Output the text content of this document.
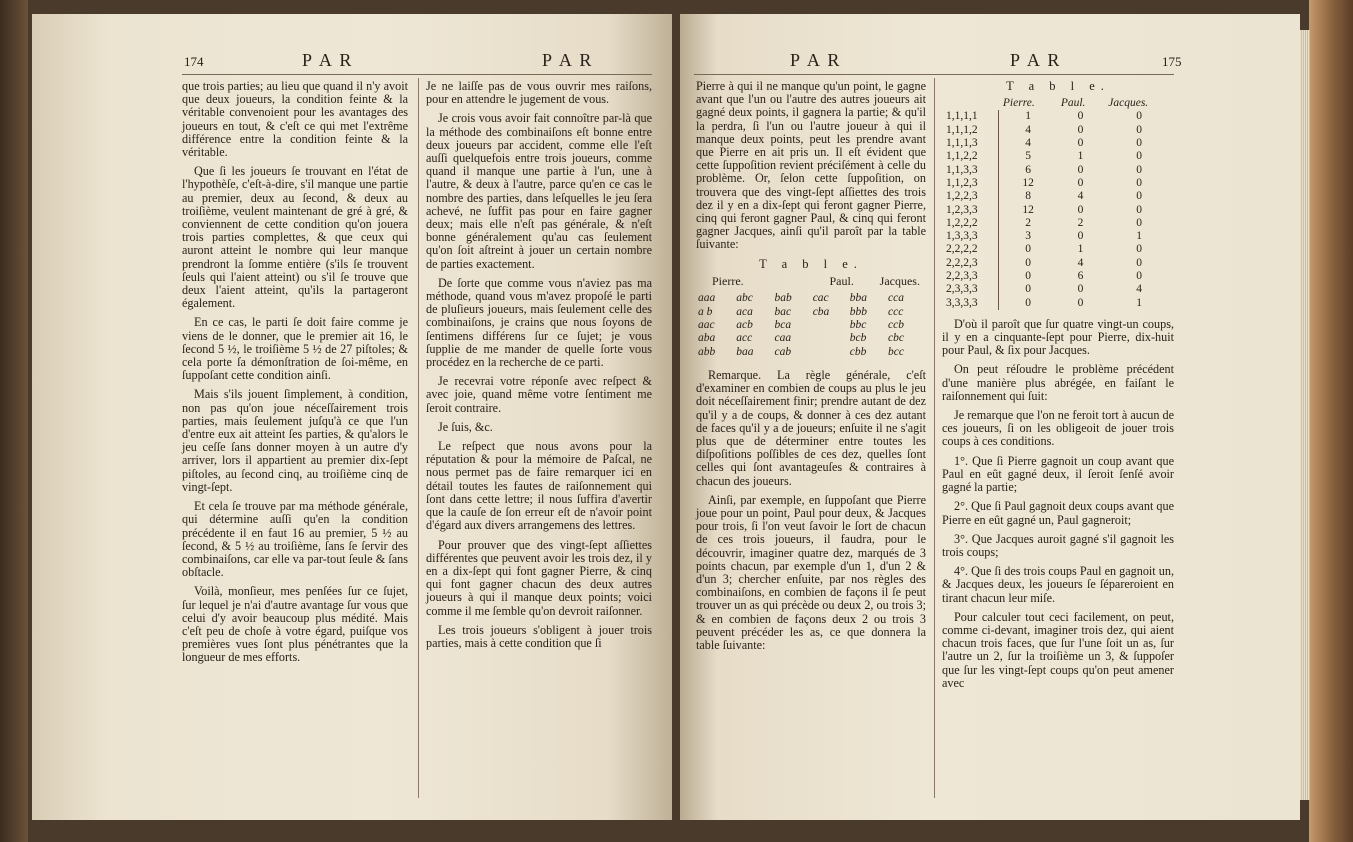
174	P A R	P A R

que trois parties; au lieu que quand il n'y avoit que deux joueurs, la condition feinte & la véritable convenoient pour les avantages des joueurs en tout, & c'eſt ce qui met l'extrême différence entre la condition feinte & la véritable.

Que ſi les joueurs ſe trouvant en l'état de l'hypothèſe, c'eſt-à-dire, s'il manque une partie au premier, deux au ſecond, & deux au troiſième, veulent maintenant de gré à gré, & conviennent de cette condition qu'on jouera trois parties complettes, & que ceux qui auront atteint le nombre qui leur manque prendront la ſomme entière (s'ils ſe trouvent ſeuls qui l'aient atteint) ou s'il ſe trouve que deux l'aient atteint, qu'ils la partageront également.

En ce cas, le parti ſe doit faire comme je viens de le donner, que le premier ait 16, le ſecond 5 ½, le troiſième 5 ½ de 27 piſtoles; & cela porte ſa démonſtration de ſoi-même, en ſuppoſant cette condition ainſi.

Mais s'ils jouent ſimplement, à condition, non pas qu'on joue néceſſairement trois parties, mais ſeulement juſqu'à ce que l'un d'entre eux ait atteint ſes parties, & qu'alors le jeu ceſſe ſans donner moyen à un autre d'y arriver, lors il appartient au premier dix-ſept piſtoles, au ſecond cinq, au troiſième cinq de vingt-ſept.

Et cela ſe trouve par ma méthode générale, qui détermine auſſi qu'en la condition précédente il en faut 16 au premier, 5 ½ au ſecond, & 5 ½ au troiſième, ſans ſe ſervir des combinaiſons, car elle va par-tout ſeule & ſans obſtacle.

Voilà, monſieur, mes penſées ſur ce ſujet, ſur lequel je n'ai d'autre avantage ſur vous que celui d'y avoir beaucoup plus médité. Mais c'eſt peu de choſe à votre égard, puiſque vos premières vues ſont plus pénétrantes que la longueur de mes efforts.

Je ne laiſſe pas de vous ouvrir mes raiſons, pour en attendre le jugement de vous.

Je crois vous avoir fait connoître par-là que la méthode des combinaiſons eſt bonne entre deux joueurs par accident, comme elle l'eſt auſſi quelquefois entre trois joueurs, comme quand il manque une partie à l'un, une à l'autre, & deux à l'autre, parce qu'en ce cas le nombre des parties, dans leſquelles le jeu ſera achevé, ne ſuffit pas pour en faire gagner deux; mais elle n'eſt pas générale, & n'eſt bonne généralement qu'au cas ſeulement qu'on ſoit aſtreint à jouer un certain nombre de parties exactement.

De ſorte que comme vous n'aviez pas ma méthode, quand vous m'avez propoſé le parti de pluſieurs joueurs, mais ſeulement celle des combinaiſons, je crains que nous ſoyons de ſentimens différens ſur ce ſujet; je vous ſupplie de me mander de quelle ſorte vous procédez en la recherche de ce parti.

Je recevrai votre réponſe avec reſpect & avec joie, quand même votre ſentiment me ſeroit contraire.

Je ſuis, &c.

Le reſpect que nous avons pour la réputation & pour la mémoire de Paſcal, ne nous permet pas de faire remarquer ici en détail toutes les fautes de raiſonnement qui ſont dans cette lettre; il nous ſuffira d'avertir que la cauſe de ſon erreur eſt de n'avoir point d'égard aux divers arrangemens des lettres.

Pour prouver que des vingt-ſept aſſiettes différentes que peuvent avoir les trois dez, il y en a dix-ſept qui font gagner Pierre, & cinq qui font gagner chacun des deux autres joueurs à qui il manque deux points; voici comme il me ſemble qu'on devroit raiſonner.

Les trois joueurs s'obligent à jouer trois parties, mais à cette condition que ſi

P A R	P A R	175

Pierre à qui il ne manque qu'un point, le gagne avant que l'un ou l'autre des autres joueurs ait gagné deux points, il gagnera la partie; & qu'il la perdra, ſi l'un ou l'autre joueur à qui il manque deux points, peut les prendre avant que Pierre en ait pris un. Il eſt évident que cette ſuppoſition revient préciſément à celle du problème. Or, ſelon cette ſuppoſition, on trouvera que des vingt-ſept aſſiettes des trois dez il y en a dix-ſept qui feront gagner Pierre, cinq qui feront gagner Paul, & cinq qui feront gagner Jacques, ainſi qu'il paroît par la table ſuivante:

T a b l e.
Pierre.	Paul. Jacques.
aaa	abc	bab	cac	bba	cca
a b	aca	bac	cba	bbb	ccc
aac	acb	bca		bbc	ccb
aba	acc	caa		bcb	cbc
abb	baa	cab		cbb	bcc

Remarque. La règle générale, c'eſt d'examiner en combien de coups au plus le jeu doit néceſſairement finir; prendre autant de dez qu'il y a de coups, & donner à ces dez autant de faces qu'il y a de joueurs; enſuite il ne s'agit plus que de déterminer entre toutes les diſpoſitions poſſibles de ces dez, quelles ſont celles qui ſont avantageuſes & contraires à chacun des joueurs.

Ainſi, par exemple, en ſuppoſant que Pierre joue pour un point, Paul pour deux, & Jacques pour trois, ſi l'on veut ſavoir le ſort de chacun de ces trois joueurs, il faudra, pour le découvrir, imaginer quatre dez, marqués de 3 points chacun, par exemple d'un 1, d'un 2 & d'un 3; chercher enſuite, par nos règles des combinaiſons, en combien de façons il ſe peut trouver un as qui précède ou deux 2, ou trois 3; & en combien de façons deux 2 ou trois 3 peuvent précéder les as, ce que donnera la table ſuivante:

T a b l e.
	Pierre.	Paul.	Jacques.
1,1,1,1	1	0	0
1,1,1,2	4	0	0
1,1,1,3	4	0	0
1,1,2,2	5	1	0
1,1,3,3	6	0	0
1,1,2,3	12	0	0
1,2,2,3	8	4	0
1,2,3,3	12	0	0
1,2,2,2	2	2	0
1,3,3,3	3	0	1
2,2,2,2	0	1	0
2,2,2,3	0	4	0
2,2,3,3	0	6	0
2,3,3,3	0	0	4
3,3,3,3	0	0	1

D'où il paroît que ſur quatre vingt-un coups, il y en a cinquante-ſept pour Pierre, dix-huit pour Paul, & ſix pour Jacques.

On peut réſoudre le problème précédent d'une manière plus abrégée, en faiſant le raiſonnement qui ſuit:

Je remarque que l'on ne feroit tort à aucun de ces joueurs, ſi on les obligeoit de jouer trois coups à ces conditions.

1°. Que ſi Pierre gagnoit un coup avant que Paul en eût gagné deux, il ſeroit ſenſé avoir gagné la partie;

2°. Que ſi Paul gagnoit deux coups avant que Pierre en eût gagné un, Paul gagneroit;

3°. Que Jacques auroit gagné s'il gagnoit les trois coups;

4°. Que ſi des trois coups Paul en gagnoit un, & Jacques deux, les joueurs ſe ſépareroient en tirant chacun leur miſe.

Pour calculer tout ceci facilement, on peut, comme ci-devant, imaginer trois dez, qui aient chacun trois faces, que ſur l'une ſoit un as, ſur l'autre un 2, ſur la troiſième un 3, & ſuppoſer que ſur les vingt-ſept coups qu'on peut amener avec
